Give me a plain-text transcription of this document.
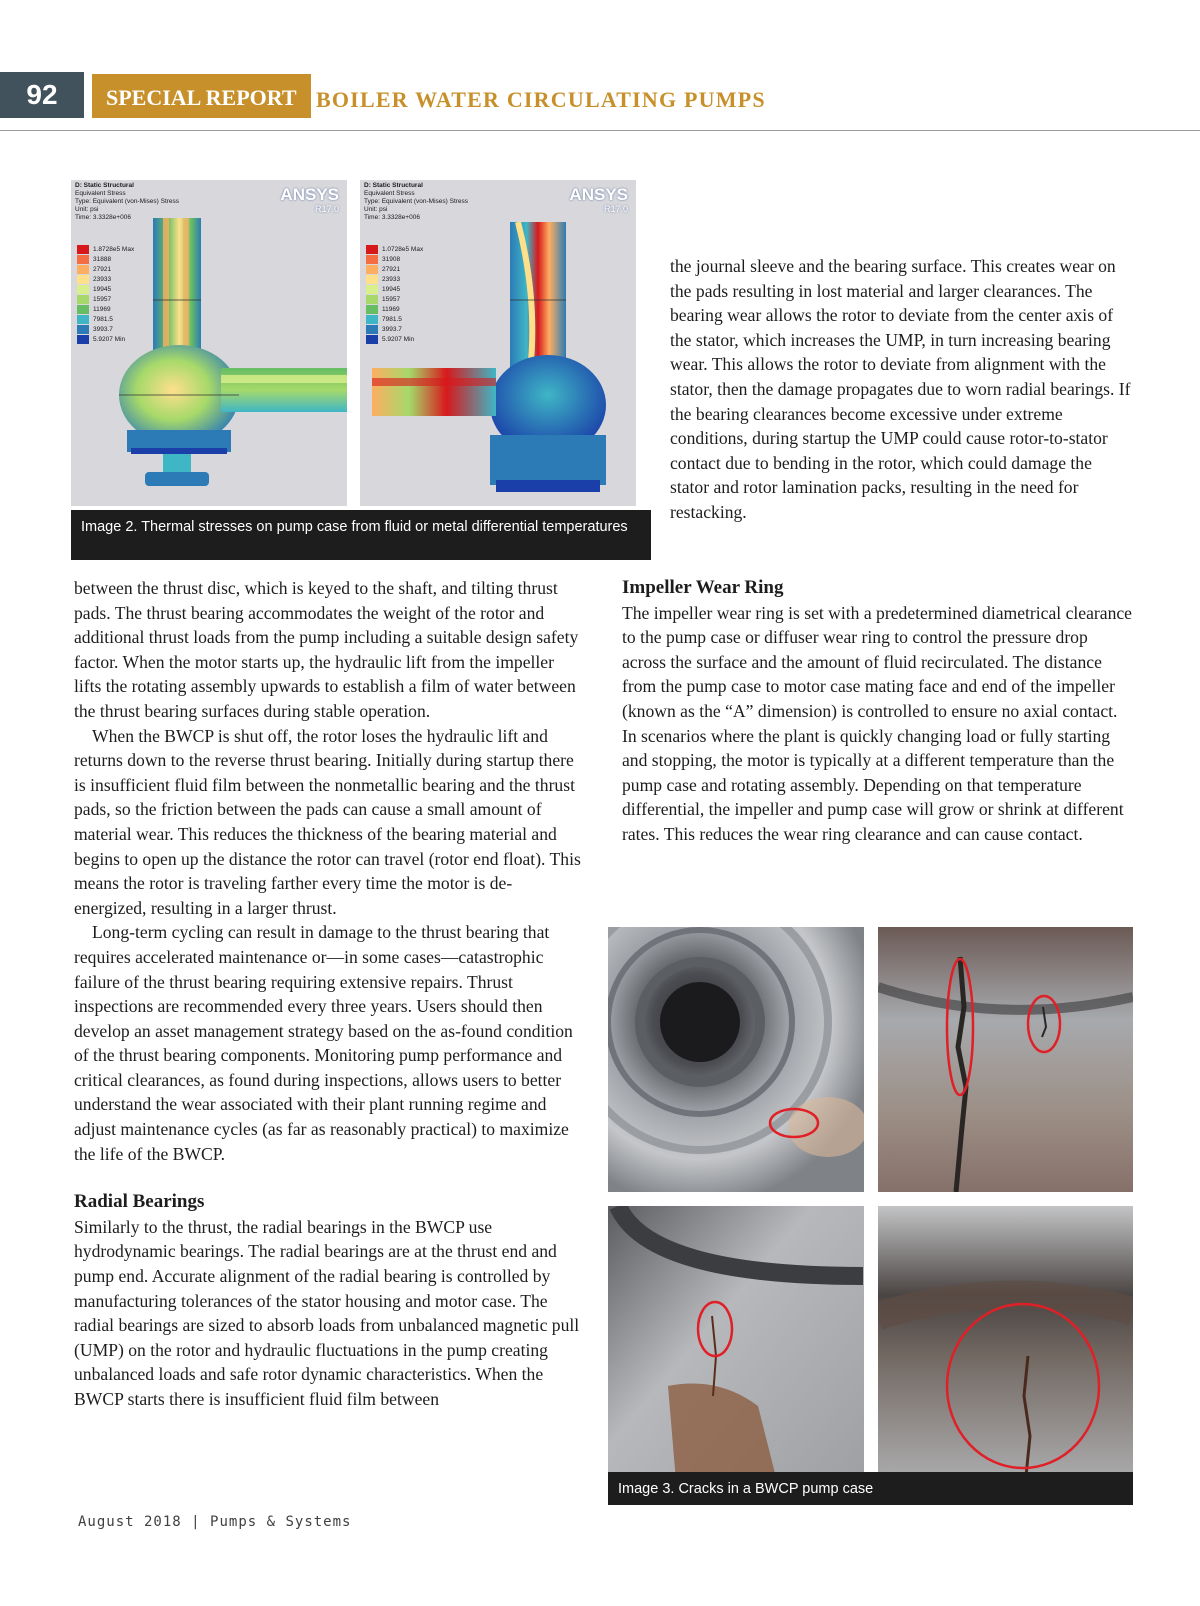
92	SPECIAL REPORT BOILER WATER CIRCULATING PUMPS
D: Static Structural
Equivalent Stress
Type: Equivalent (von-Mises) Stress
Unit: psi
Time: 3.3328e+006
ANSYS
R17.0
1.8728e5 Max
31888
27921
23933
19945
15957
11969
7981.5
3993.7
5.9207 Min
D: Static Structural
Equivalent Stress
Type: Equivalent (von-Mises) Stress
Unit: psi
Time: 3.3328e+006
ANSYS
R17.0
1.0728e5 Max
31908
27921
23933
19945
15957
11969
7981.5
3993.7
5.9207 Min
Image 2. Thermal stresses on pump case from fluid or metal differential temperatures

the journal sleeve and the bearing surface. This creates wear on the pads resulting in lost material and larger clearances. The bearing wear allows the rotor to deviate from the center axis of the stator, which increases the UMP, in turn increasing bearing wear. This allows the rotor to deviate from alignment with the stator, then the damage propagates due to worn radial bearings. If the bearing clearances become excessive under extreme conditions, during startup the UMP could cause rotor-to-stator contact due to bending in the rotor, which could damage the stator and rotor lamination packs, resulting in the need for restacking.

between the thrust disc, which is keyed to the shaft, and tilting thrust pads. The thrust bearing accommodates the weight of the rotor and additional thrust loads from the pump including a suitable design safety factor. When the motor starts up, the hydraulic lift from the impeller lifts the rotating assembly upwards to establish a film of water between the thrust bearing surfaces during stable operation.

When the BWCP is shut off, the rotor loses the hydraulic lift and returns down to the reverse thrust bearing. Initially during startup there is insufficient fluid film between the nonmetallic bearing and the thrust pads, so the friction between the pads can cause a small amount of material wear. This reduces the thickness of the bearing material and begins to open up the distance the rotor can travel (rotor end float). This means the rotor is traveling farther every time the motor is de-energized, resulting in a larger thrust.

Long-term cycling can result in damage to the thrust bearing that requires accelerated maintenance or—in some cases—catastrophic failure of the thrust bearing requiring extensive repairs. Thrust inspections are recommended every three years. Users should then develop an asset management strategy based on the as-found condition of the thrust bearing components. Monitoring pump performance and critical clearances, as found during inspections, allows users to better understand the wear associated with their plant running regime and adjust maintenance cycles (as far as reasonably practical) to maximize the life of the BWCP.

Radial Bearings

Similarly to the thrust, the radial bearings in the BWCP use hydrodynamic bearings. The radial bearings are at the thrust end and pump end. Accurate alignment of the radial bearing is controlled by manufacturing tolerances of the stator housing and motor case. The radial bearings are sized to absorb loads from unbalanced magnetic pull (UMP) on the rotor and hydraulic fluctuations in the pump creating unbalanced loads and safe rotor dynamic characteristics. When the BWCP starts there is insufficient fluid film between

Impeller Wear Ring

The impeller wear ring is set with a predetermined diametrical clearance to the pump case or diffuser wear ring to control the pressure drop across the surface and the amount of fluid recirculated. The distance from the pump case to motor case mating face and end of the impeller (known as the “A” dimension) is controlled to ensure no axial contact. In scenarios where the plant is quickly changing load or fully starting and stopping, the motor is typically at a different temperature than the pump case and rotating assembly. Depending on that temperature differential, the impeller and pump case will grow or shrink at different rates. This reduces the wear ring clearance and can cause contact.

Image 3. Cracks in a BWCP pump case
August 2018 | Pumps & Systems
